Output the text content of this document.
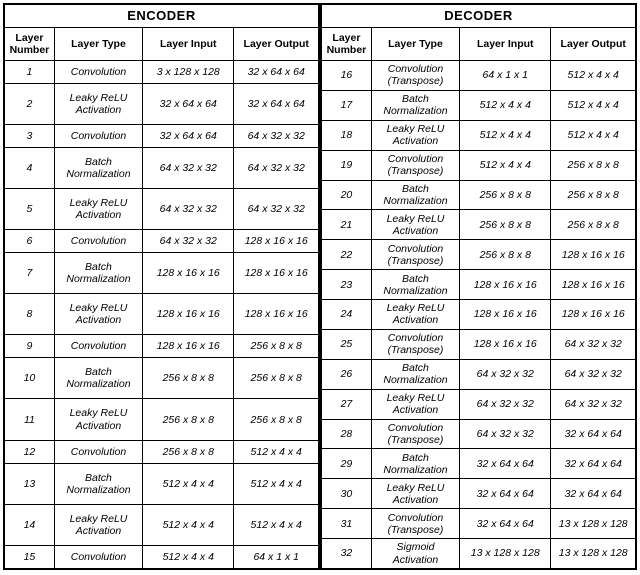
ENCODER			
Layer Number	Layer Type	Layer Input	Layer Output
1	Convolution	3 x 128 x 128	32 x 64 x 64
2	Leaky ReLU Activation	32 x 64 x 64	32 x 64 x 64
3	Convolution	32 x 64 x 64	64 x 32 x 32
4	Batch Normalization	64 x 32 x 32	64 x 32 x 32
5	Leaky ReLU Activation	64 x 32 x 32	64 x 32 x 32
6	Convolution	64 x 32 x 32	128 x 16 x 16
7	Batch Normalization	128 x 16 x 16	128 x 16 x 16
8	Leaky ReLU Activation	128 x 16 x 16	128 x 16 x 16
9	Convolution	128 x 16 x 16	256 x 8 x 8
10	Batch Normalization	256 x 8 x 8	256 x 8 x 8
11	Leaky ReLU Activation	256 x 8 x 8	256 x 8 x 8
12	Convolution	256 x 8 x 8	512 x 4 x 4
13	Batch Normalization	512 x 4 x 4	512 x 4 x 4
14	Leaky ReLU Activation	512 x 4 x 4	512 x 4 x 4
15	Convolution	512 x 4 x 4	64 x 1 x 1
DECODER			
Layer Number	Layer Type	Layer Input	Layer Output
16	Convolution (Transpose)	64 x 1 x 1	512 x 4 x 4
17	Batch Normalization	512 x 4 x 4	512 x 4 x 4
18	Leaky ReLU Activation	512 x 4 x 4	512 x 4 x 4
19	Convolution (Transpose)	512 x 4 x 4	256 x 8 x 8
20	Batch Normalization	256 x 8 x 8	256 x 8 x 8
21	Leaky ReLU Activation	256 x 8 x 8	256 x 8 x 8
22	Convolution (Transpose)	256 x 8 x 8	128 x 16 x 16
23	Batch Normalization	128 x 16 x 16	128 x 16 x 16
24	Leaky ReLU Activation	128 x 16 x 16	128 x 16 x 16
25	Convolution (Transpose)	128 x 16 x 16	64 x 32 x 32
26	Batch Normalization	64 x 32 x 32	64 x 32 x 32
27	Leaky ReLU Activation	64 x 32 x 32	64 x 32 x 32
28	Convolution (Transpose)	64 x 32 x 32	32 x 64 x 64
29	Batch Normalization	32 x 64 x 64	32 x 64 x 64
30	Leaky ReLU Activation	32 x 64 x 64	32 x 64 x 64
31	Convolution (Transpose)	32 x 64 x 64	13 x 128 x 128
32	Sigmoid Activation	13 x 128 x 128	13 x 128 x 128
